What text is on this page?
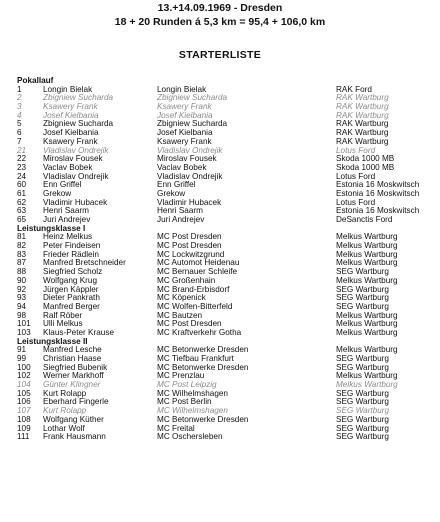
13.+14.09.1969 - Dresden
18 + 20 Runden á 5,3 km = 95,4 + 106,0 km
STARTERLISTE
Pokallauf
1	Longin Bielak	Longin Bielak	RAK Ford
2	Zbigniew Sucharda	Zbigniew Sucharda	RAK Wartburg
3	Ksawery Frank	Ksawery Frank	RAK Wartburg
4	Josef Kielbania	Josef Kielbania	RAK Wartburg
5	Zbigniew Sucharda	Zbigniew Sucharda	RAK Wartburg
6	Josef Kielbania	Josef Kielbania	RAK Wartburg
7	Ksawery Frank	Ksawery Frank	RAK Wartburg
21 Vladislav Ondrejik	Vladislav Ondrejik	Lotus Ford
22 Miroslav Fousek	Miroslav Fousek	Skoda 1000 MB
23 Vaclav Bobek	Vaclav Bobek	Skoda 1000 MB
24 Vladislav Ondrejik	Vladislav Ondrejik	Lotus Ford
60 Enn Griffel	Enn Griffel	Estonia 16 Moskwitsch
61 Grekow	Grekow	Estonia 16 Moskwitsch
62 Vladimir Hubacek	Vladimir Hubacek	Lotus Ford
63 Henri Saarm	Henri Saarm	Estonia 16 Moskwitsch
65 Juri Andrejev	Juri Andrejev	DeSanctis Ford
Leistungsklasse I
81 Heinz Melkus	MC Post Dresden	Melkus Wartburg
82 Peter Findeisen	MC Post Dresden	Melkus Wartburg
83 Frieder Rädlein	MC Lockwitzgrund	Melkus Wartburg
87 Manfred Bretschneider	MC Automot Heidenau	Melkus Wartburg
88 Siegfried Scholz	MC Bernauer Schleife	SEG Wartburg
90 Wolfgang Krug	MC Großenhain	Melkus Wartburg
92 Jürgen Käppler	MC Brand-Erbisdorf	SEG Wartburg
93 Dieter Pankrath	MC Köpenick	SEG Wartburg
94 Manfred Berger	MC Wolfen-Bitterfeld	SEG Wartburg
98 Ralf Röber	MC Bautzen	Melkus Wartburg
101 Ulli Melkus	MC Post Dresden	Melkus Wartburg
103 Klaus-Peter Krause	MC Kraftverkehr Gotha	Melkus Wartburg
Leistungsklasse II
91 Manfred Lesche	MC Betonwerke Dresden	Melkus Wartburg
99 Christian Haase	MC Tiefbau Frankfurt	SEG Wartburg
100 Siegfried Bubenik	MC Betonwerke Dresden	SEG Wartburg
102 Werner Markhoff	MC Prenzlau	Melkus Wartburg
104 Günter Klingner	MC Post Leipzig	Melkus Wartburg
105 Kurt Rolapp	MC Wilhelmshagen	SEG Wartburg
106 Eberhard Fingerle	MC Post Berlin	SEG Wartburg
107 Kurt Rolapp	MC Wilhelmshagen	SEG Wartburg
108 Wolfgang Küther	MC Betonwerke Dresden	SEG Wartburg
109 Lothar Wolf	MC Freital	SEG Wartburg
111 Frank Hausmann	MC Oschersleben	SEG Wartburg
